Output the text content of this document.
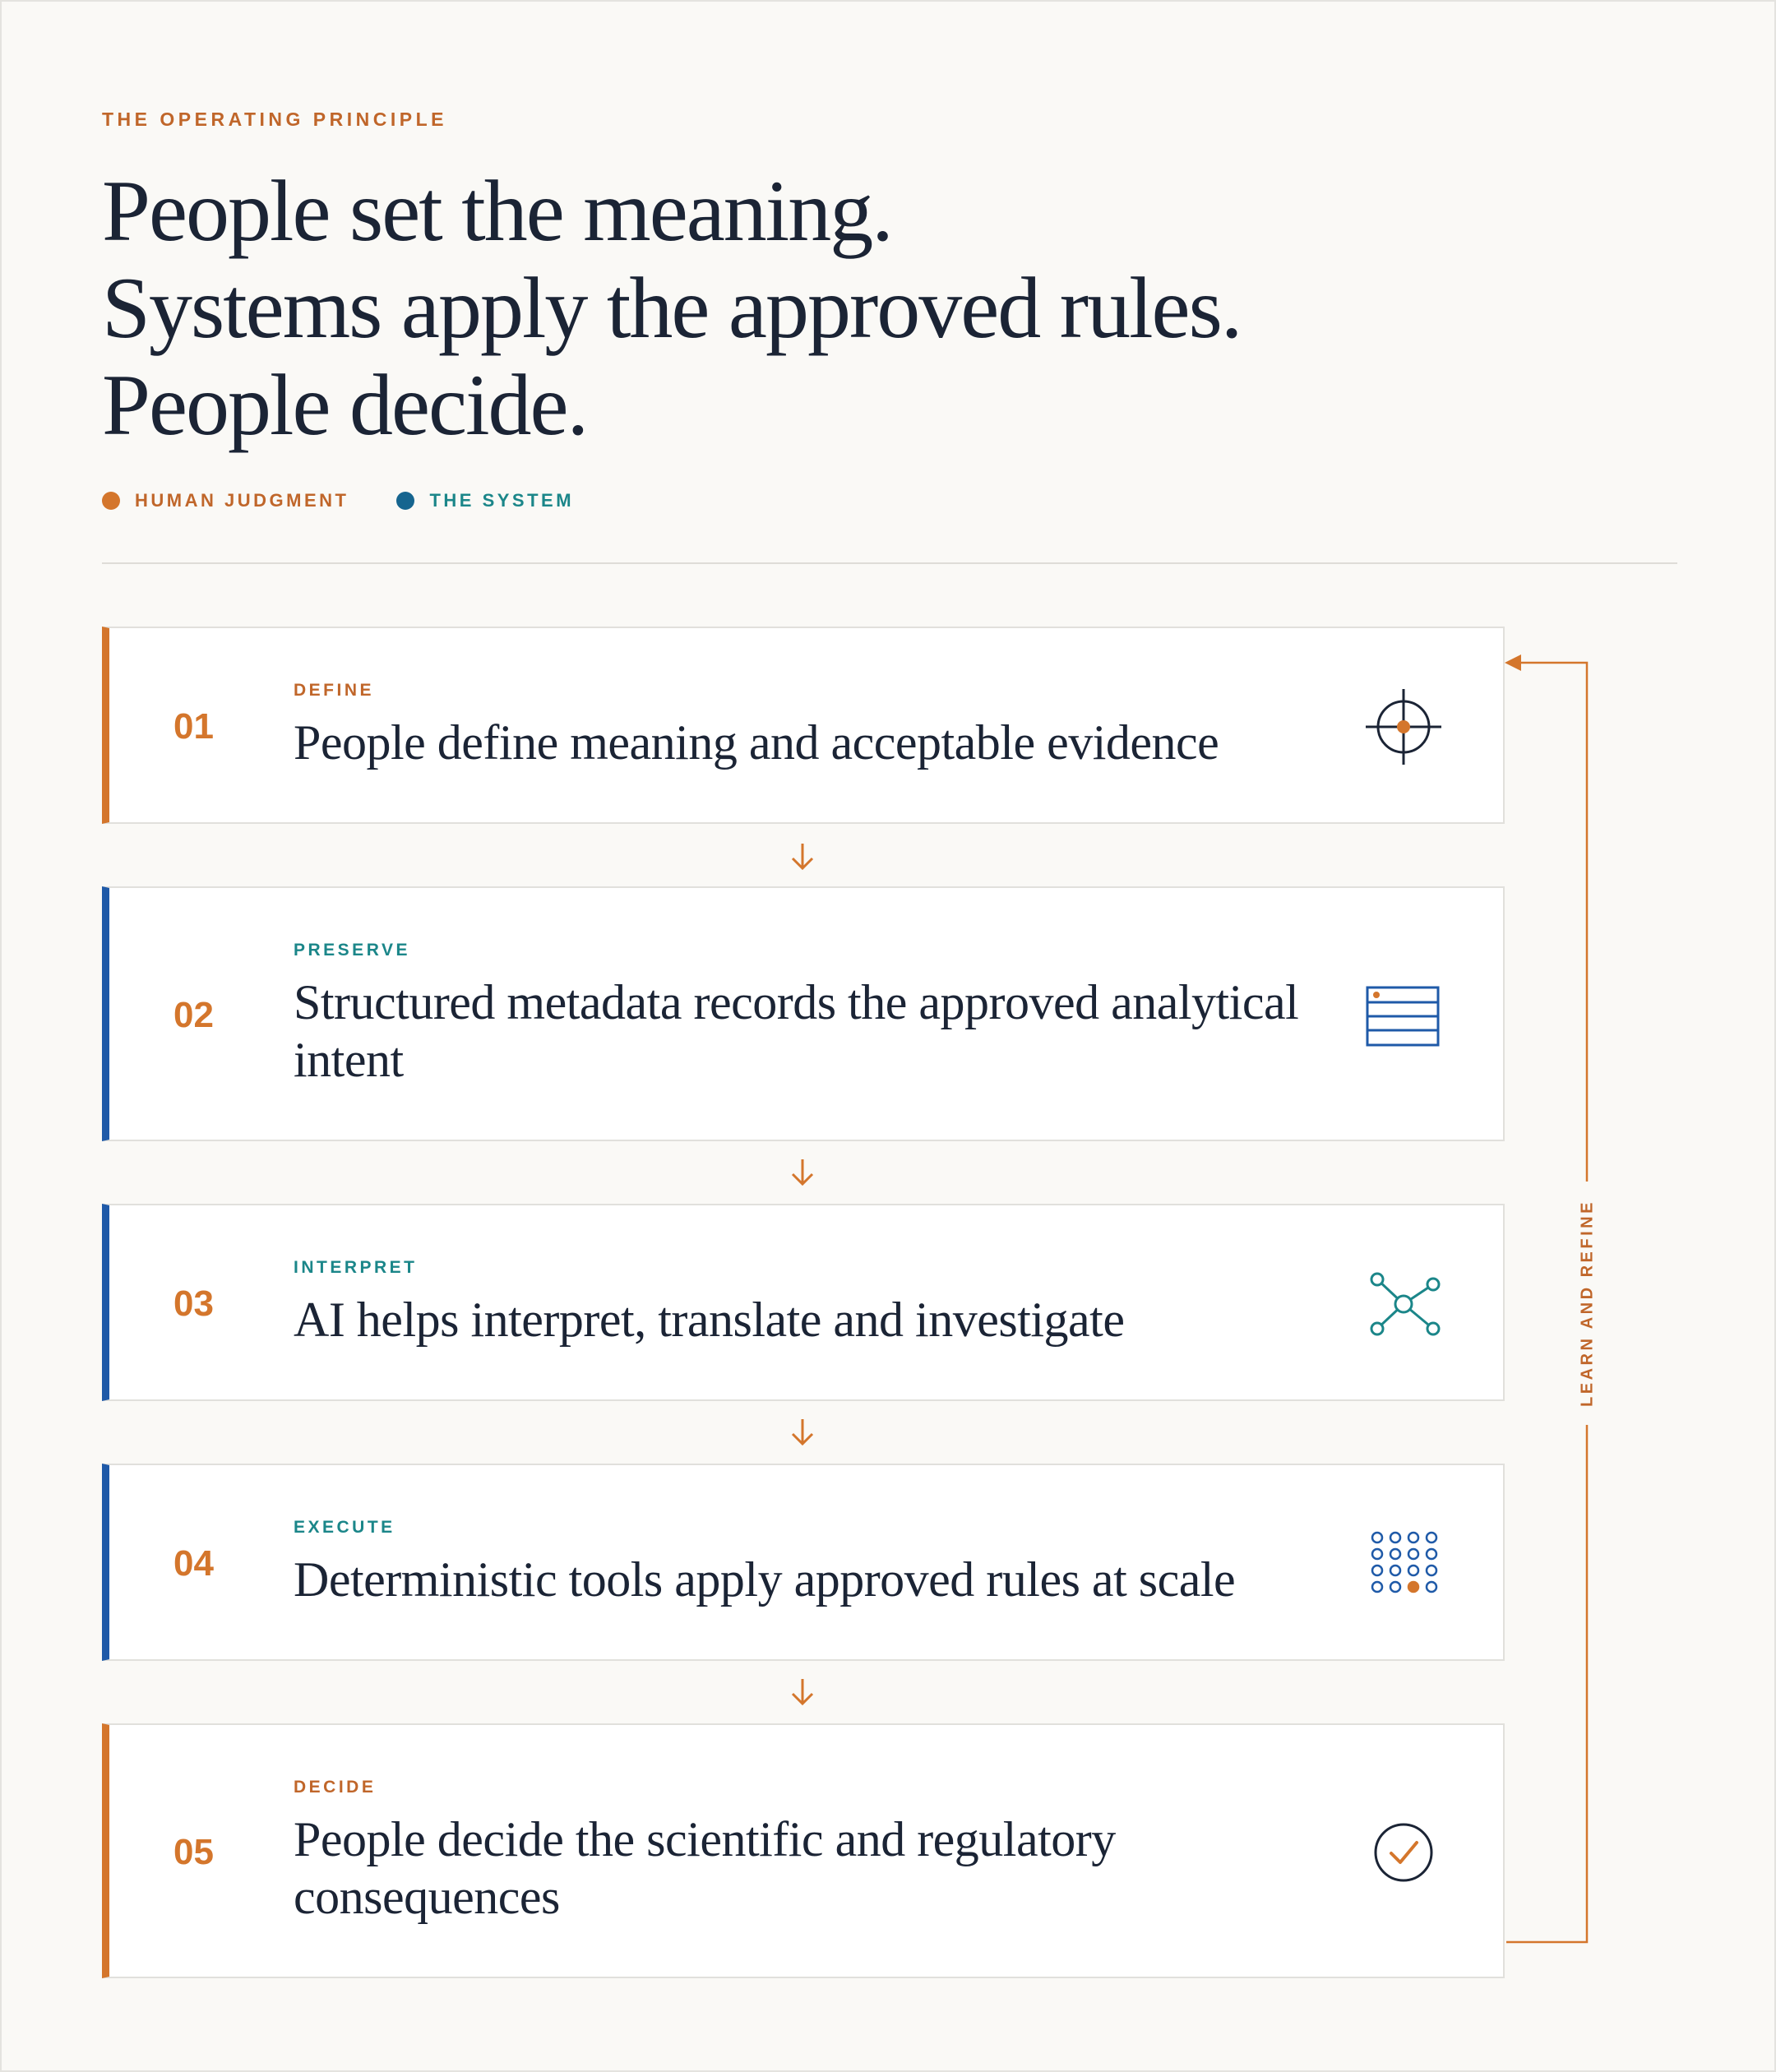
THE OPERATING PRINCIPLE
People set the meaning.
Systems apply the approved rules.
People decide.
HUMAN JUDGMENT	THE SYSTEM
01
DEFINE
People define meaning and acceptable evidence
02
PRESERVE
Structured metadata records the approved analytical intent
03
INTERPRET
AI helps interpret, translate and investigate
04
EXECUTE
Deterministic tools apply approved rules at scale
05
DECIDE
People decide the scientific and regulatory consequences
LEARN AND REFINE
